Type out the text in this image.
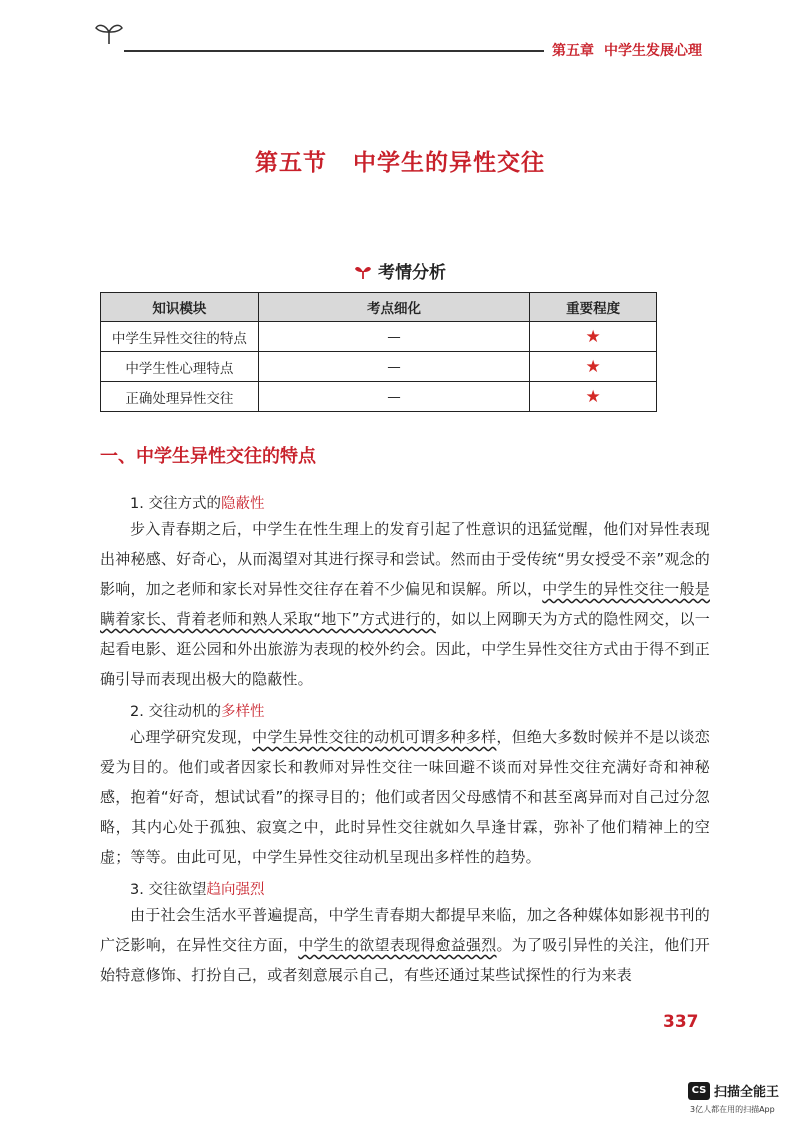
第五章 中学生发展心理
第五节 中学生的异性交往
考情分析
知识模块	考点细化	重要程度
中学生异性交往的特点	—	★
中学生性心理特点	—	★
正确处理异性交往	—	★
一、中学生异性交往的特点
1. 交往方式的隐蔽性

步入青春期之后，中学生在性生理上的发育引起了性意识的迅猛觉醒，他们对异性表现出神秘感、好奇心，从而渴望对其进行探寻和尝试。然而由于受传统“男女授受不亲”观念的影响，加之老师和家长对异性交往存在着不少偏见和误解。所以，中学生的异性交往一般是瞒着家长、背着老师和熟人采取“地下”方式进行的，如以上网聊天为方式的隐性网交，以一起看电影、逛公园和外出旅游为表现的校外约会。因此，中学生异性交往方式由于得不到正确引导而表现出极大的隐蔽性。

2. 交往动机的多样性

心理学研究发现，中学生异性交往的动机可谓多种多样，但绝大多数时候并不是以谈恋爱为目的。他们或者因家长和教师对异性交往一味回避不谈而对异性交往充满好奇和神秘感，抱着“好奇，想试试看”的探寻目的；他们或者因父母感情不和甚至离异而对自己过分忽略，其内心处于孤独、寂寞之中，此时异性交往就如久旱逢甘霖，弥补了他们精神上的空虚；等等。由此可见，中学生异性交往动机呈现出多样性的趋势。

3. 交往欲望趋向强烈

由于社会生活水平普遍提高，中学生青春期大都提早来临，加之各种媒体如影视书刊的广泛影响，在异性交往方面，中学生的欲望表现得愈益强烈。为了吸引异性的关注，他们开始特意修饰、打扮自己，或者刻意展示自己，有些还通过某些试探性的行为来表

337
CS 扫描全能王
3亿人都在用的扫描App
